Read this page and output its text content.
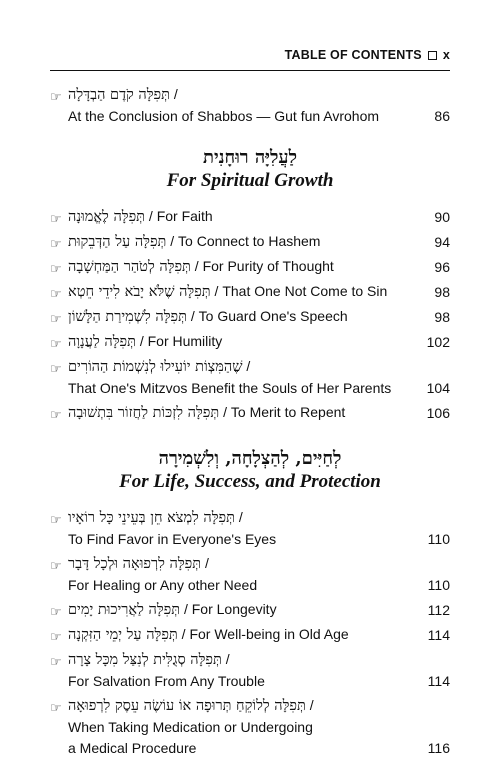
TABLE OF CONTENTS x
☞ תְּפִלָּה קֹדֶם הַבְדָּלָה /
At the Conclusion of Shabbos — Gut fun Avrohom	86
לַעֲלִיָּה רוּחָנִית
For Spiritual Growth
☞ תְּפִלָּה לֶאֱמוּנָה / For Faith	90
☞ תְּפִלָּה עַל הַדְּבֵקוּת / To Connect to Hashem	94
☞ תְּפִלָּה לְטֹהַר הַמַּחְשָׁבָה / For Purity of Thought	96
☞ תְּפִלָּה שֶׁלֹּא יָבֹא לִידֵי חֵטְא / That One Not Come to Sin	98
☞ תְּפִלָּה לִשְׁמִירַת הַלָּשׁוֹן / To Guard One's Speech	98
☞ תְּפִלָּה לַעֲנָוָה / For Humility	102
☞ שֶׁהַמִּצְוֹת יוֹעִילוּ לְנִשְׁמוֹת הַהוֹרִים /
That One's Mitzvos Benefit the Souls of Her Parents	104
☞ תְּפִלָּה לִזְכּוֹת לַחֲזוֹר בִּתְשׁוּבָה / To Merit to Repent	106
לְחַיִּים, לְהַצְלָחָה, וְלִשְׁמִירָה
For Life, Success, and Protection
☞ תְּפִלָּה לִמְצֹא חֵן בְּעֵינֵי כָּל רוֹאָיו /
To Find Favor in Everyone's Eyes	110
☞ תְּפִלָּה לִרְפוּאָה וּלְכָל דָּבָר /
For Healing or Any other Need	110
☞ תְּפִלָּה לַאֲרִיכוּת יָמִים / For Longevity	112
☞ תְּפִלָּה עַל יְמֵי הַזִּקְנָה / For Well-being in Old Age	114
☞ תְּפִלָּה סְגֻלִּית לְנִצַּל מִכָּל צָרָה /
For Salvation From Any Trouble	114
☞ תְּפִלָּה לְלוֹקֵחַ תְּרוּפָה אוֹ עוֹשֶׂה עֵסֶק לִרְפוּאָה /
When Taking Medication or Undergoing
a Medical Procedure	116
